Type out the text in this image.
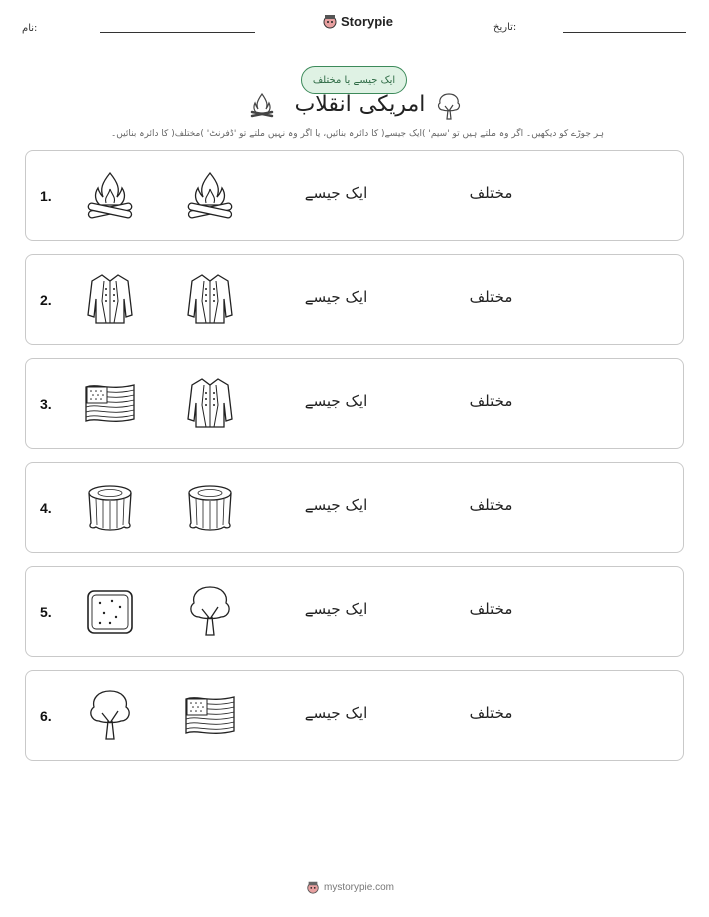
نام:	Storypie	تاریخ:
ایک جیسے یا مختلف
امریکی انقلاب
ہر جوڑے کو دیکھیں۔ اگر وہ ملتے ہیں تو 'سیم' )ایک جیسے( کا دائرہ بنائیں، یا اگر وہ نہیں ملتے تو 'ڈفرنٹ' )مختلف( کا دائرہ بنائیں۔
1.	ایک جیسے	مختلف
2.	ایک جیسے	مختلف
3.	ایک جیسے	مختلف
4.	ایک جیسے	مختلف
5.	ایک جیسے	مختلف
6.	ایک جیسے	مختلف
mystorypie.com
